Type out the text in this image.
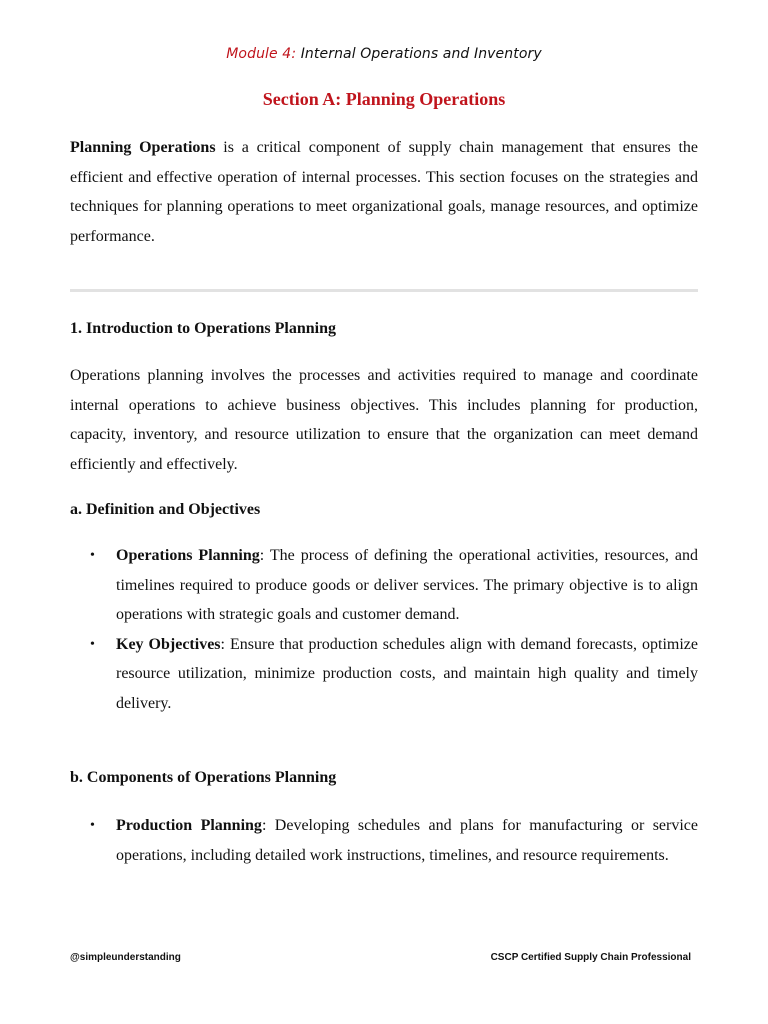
Module 4: Internal Operations and Inventory
Section A: Planning Operations

Planning Operations is a critical component of supply chain management that ensures the efficient and effective operation of internal processes. This section focuses on the strategies and techniques for planning operations to meet organizational goals, manage resources, and optimize performance.

1. Introduction to Operations Planning

Operations planning involves the processes and activities required to manage and coordinate internal operations to achieve business objectives. This includes planning for production, capacity, inventory, and resource utilization to ensure that the organization can meet demand efficiently and effectively.

a. Definition and Objectives
• Operations Planning: The process of defining the operational activities, resources, and timelines required to produce goods or deliver services. The primary objective is to align operations with strategic goals and customer demand.
• Key Objectives: Ensure that production schedules align with demand forecasts, optimize resource utilization, minimize production costs, and maintain high quality and timely delivery.
b. Components of Operations Planning
• Production Planning: Developing schedules and plans for manufacturing or service operations, including detailed work instructions, timelines, and resource requirements.
@simpleunderstanding	CSCP Certified Supply Chain Professional
